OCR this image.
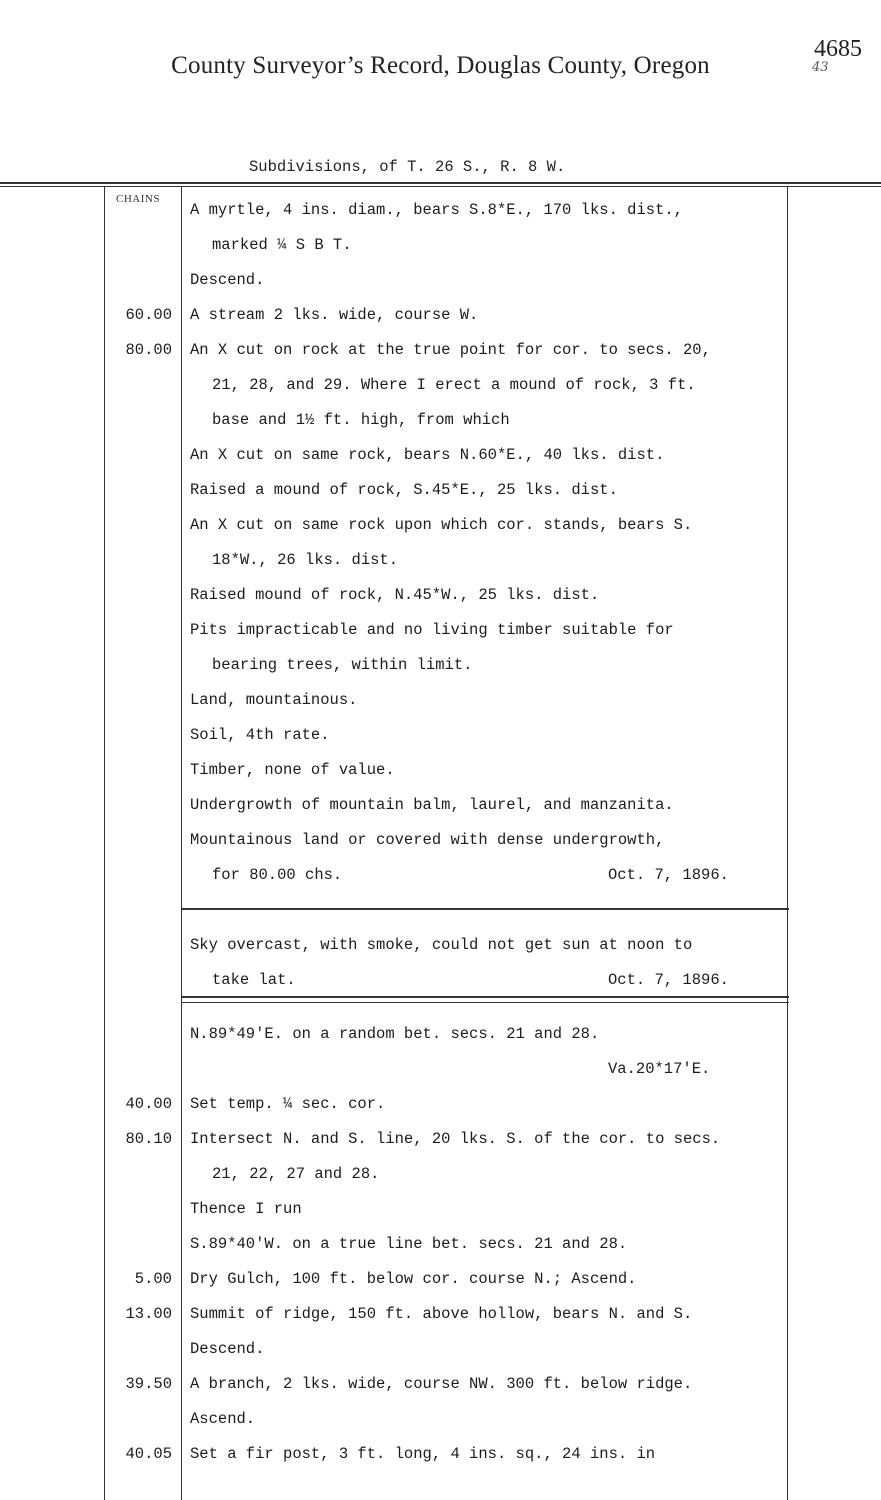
County Surveyor’s Record, Douglas County, Oregon
4685
43
Subdivisions, of T. 26 S., R. 8 W.
CHAINS
A myrtle, 4 ins. diam., bears S.8*E., 170 lks. dist.,
marked ¼ S B T.
Descend.
60.00 A stream 2 lks. wide, course W.
80.00 An X cut on rock at the true point for cor. to secs. 20,
21, 28, and 29. Where I erect a mound of rock, 3 ft.
base and 1½ ft. high, from which
An X cut on same rock, bears N.60*E., 40 lks. dist.
Raised a mound of rock, S.45*E., 25 lks. dist.
An X cut on same rock upon which cor. stands, bears S.
18*W., 26 lks. dist.
Raised mound of rock, N.45*W., 25 lks. dist.
Pits impracticable and no living timber suitable for
bearing trees, within limit.
Land, mountainous.
Soil, 4th rate.
Timber, none of value.
Undergrowth of mountain balm, laurel, and manzanita.
Mountainous land or covered with dense undergrowth,
for 80.00 chs.	Oct. 7, 1896.
Sky overcast, with smoke, could not get sun at noon to
take lat.	Oct. 7, 1896.
N.89*49'E. on a random bet. secs. 21 and 28.
Va.20*17'E.
40.00 Set temp. ¼ sec. cor.
80.10 Intersect N. and S. line, 20 lks. S. of the cor. to secs.
21, 22, 27 and 28.
Thence I run
S.89*40'W. on a true line bet. secs. 21 and 28.
5.00 Dry Gulch, 100 ft. below cor. course N.; Ascend.
13.00 Summit of ridge, 150 ft. above hollow, bears N. and S.
Descend.
39.50 A branch, 2 lks. wide, course NW. 300 ft. below ridge.
Ascend.
40.05 Set a fir post, 3 ft. long, 4 ins. sq., 24 ins. in
